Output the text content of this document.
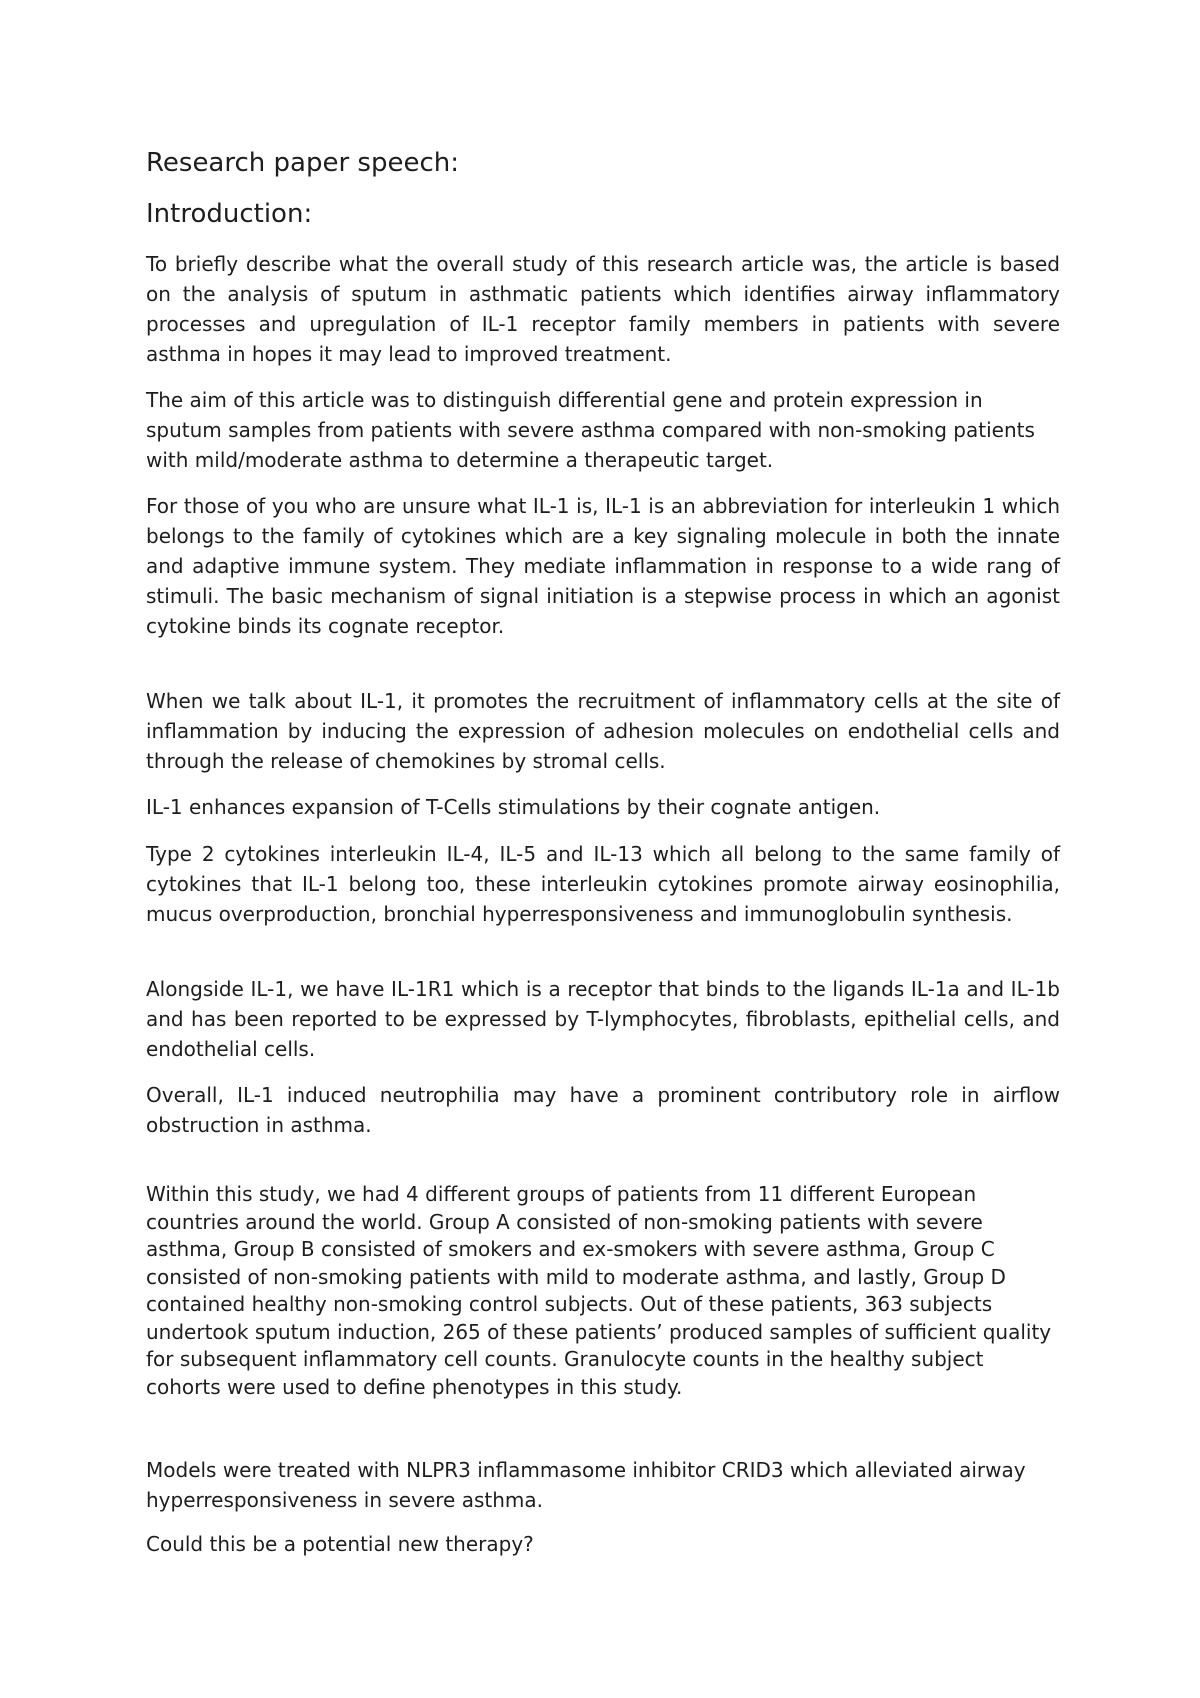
Research paper speech:
Introduction:

To briefly describe what the overall study of this research article was, the article is based on the analysis of sputum in asthmatic patients which identifies airway inflammatory processes and upregulation of IL-1 receptor family members in patients with severe asthma in hopes it may lead to improved treatment.

The aim of this article was to distinguish differential gene and protein expression in sputum samples from patients with severe asthma compared with non-smoking patients with mild/moderate asthma to determine a therapeutic target.

For those of you who are unsure what IL-1 is, IL-1 is an abbreviation for interleukin 1 which belongs to the family of cytokines which are a key signaling molecule in both the innate and adaptive immune system. They mediate inflammation in response to a wide rang of stimuli. The basic mechanism of signal initiation is a stepwise process in which an agonist cytokine binds its cognate receptor.

When we talk about IL-1, it promotes the recruitment of inflammatory cells at the site of inflammation by inducing the expression of adhesion molecules on endothelial cells and through the release of chemokines by stromal cells.

IL-1 enhances expansion of T-Cells stimulations by their cognate antigen.

Type 2 cytokines interleukin IL-4, IL-5 and IL-13 which all belong to the same family of cytokines that IL-1 belong too, these interleukin cytokines promote airway eosinophilia, mucus overproduction, bronchial hyperresponsiveness and immunoglobulin synthesis.

Alongside IL-1, we have IL-1R1 which is a receptor that binds to the ligands IL-1a and IL-1b and has been reported to be expressed by T-lymphocytes, fibroblasts, epithelial cells, and endothelial cells.

Overall, IL-1 induced neutrophilia may have a prominent contributory role in airflow obstruction in asthma.

Within this study, we had 4 different groups of patients from 11 different European countries around the world. Group A consisted of non-smoking patients with severe asthma, Group B consisted of smokers and ex-smokers with severe asthma, Group C consisted of non-smoking patients with mild to moderate asthma, and lastly, Group D contained healthy non-smoking control subjects. Out of these patients, 363 subjects undertook sputum induction, 265 of these patients’ produced samples of sufficient quality for subsequent inflammatory cell counts. Granulocyte counts in the healthy subject cohorts were used to define phenotypes in this study.

Models were treated with NLPR3 inflammasome inhibitor CRID3 which alleviated airway hyperresponsiveness in severe asthma.

Could this be a potential new therapy?
